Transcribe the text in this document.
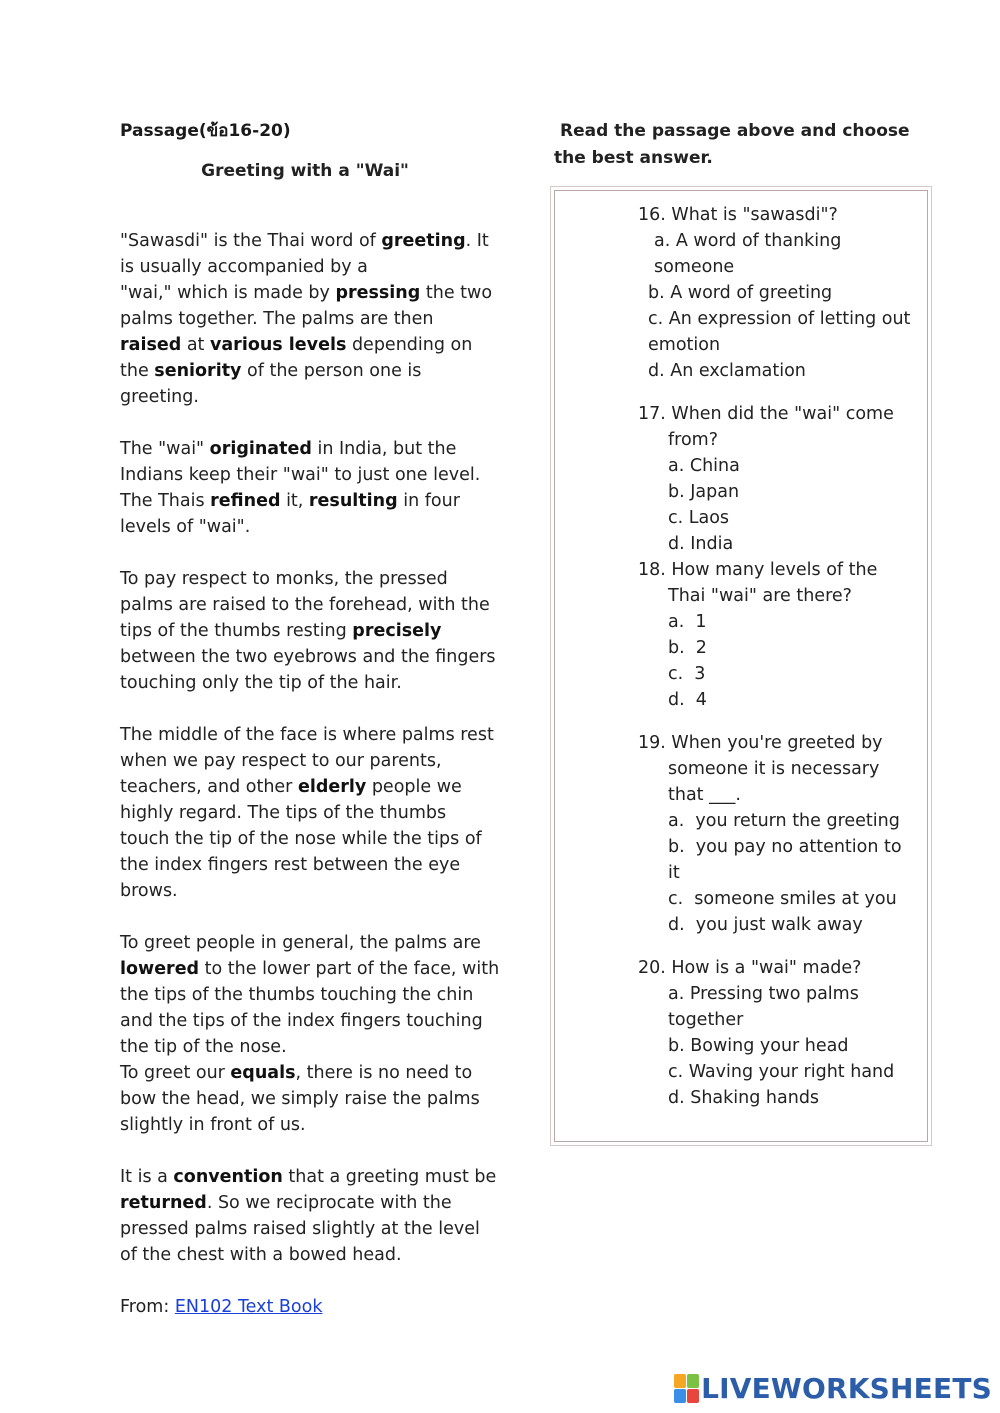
Passage(ข้อ16-20)
Greeting with a "Wai"

"Sawasdi" is the Thai word of greeting. It is usually accompanied by a
"wai," which is made by pressing the two palms together. The palms are then raised at various levels depending on the seniority of the person one is greeting.

The "wai" originated in India, but the Indians keep their "wai" to just one level. The Thais refined it, resulting in four levels of "wai".

To pay respect to monks, the pressed palms are raised to the forehead, with the tips of the thumbs resting precisely between the two eyebrows and the fingers touching only the tip of the hair.

The middle of the face is where palms rest when we pay respect to our parents, teachers, and other elderly people we highly regard. The tips of the thumbs touch the tip of the nose while the tips of the index fingers rest between the eye brows.

To greet people in general, the palms are lowered to the lower part of the face, with the tips of the thumbs touching the chin and the tips of the index fingers touching the tip of the nose.
To greet our equals, there is no need to bow the head, we simply raise the palms slightly in front of us.

It is a convention that a greeting must be returned. So we reciprocate with the pressed palms raised slightly at the level of the chest with a bowed head.

From: EN102 Text Book
Read the passage above and choose
the best answer.
16. What is "sawasdi"?
a. A word of thanking someone
b. A word of greeting
c. An expression of letting out emotion
d. An exclamation
17. When did the "wai" come from?
a. China
b. Japan
c. Laos
d. India
18. How many levels of the Thai "wai" are there?
a.  1
b.  2
c.  3
d.  4
19. When you're greeted by someone it is necessary that ___.
a.  you return the greeting
b.  you pay no attention to it
c.  someone smiles at you
d.  you just walk away
20. How is a "wai" made?
a. Pressing two palms together
b. Bowing your head
c. Waving your right hand
d. Shaking hands
LIVEWORKSHEETS
